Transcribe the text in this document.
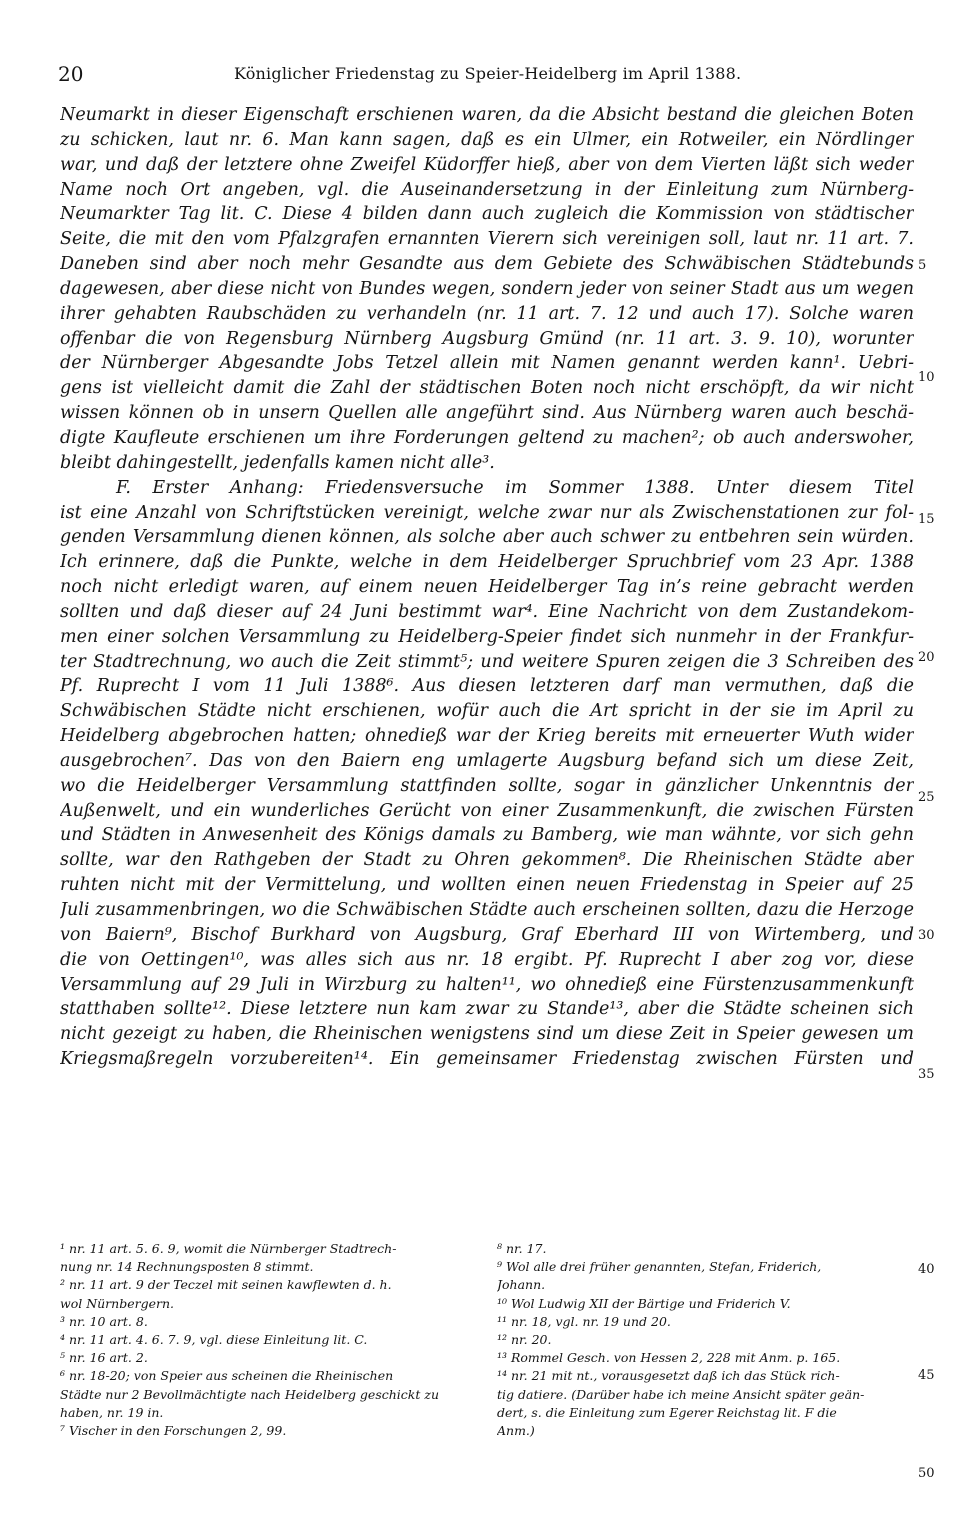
20	Königlicher Friedenstag zu Speier-Heidelberg im April 1388.
Neumarkt in dieser Eigenschaft erschienen waren, da die Absicht bestand die gleichen Boten
zu schicken, laut nr. 6. Man kann sagen, daß es ein Ulmer, ein Rotweiler, ein Nördlinger
war, und daß der letztere ohne Zweifel Küdorffer hieß, aber von dem Vierten läßt sich weder
Name noch Ort angeben, vgl. die Auseinandersetzung in der Einleitung zum Nürnberg-
Neumarkter Tag lit. C. Diese 4 bilden dann auch zugleich die Kommission von städtischer
Seite, die mit den vom Pfalzgrafen ernannten Vierern sich vereinigen soll, laut nr. 11 art. 7.
Daneben sind aber noch mehr Gesandte aus dem Gebiete des Schwäbischen Städtebunds
dagewesen, aber diese nicht von Bundes wegen, sondern jeder von seiner Stadt aus um wegen
ihrer gehabten Raubschäden zu verhandeln (nr. 11 art. 7. 12 und auch 17). Solche waren
offenbar die von Regensburg Nürnberg Augsburg Gmünd (nr. 11 art. 3. 9. 10), worunter
der Nürnberger Abgesandte Jobs Tetzel allein mit Namen genannt werden kann¹. Uebri-
gens ist vielleicht damit die Zahl der städtischen Boten noch nicht erschöpft, da wir nicht
wissen können ob in unsern Quellen alle angeführt sind. Aus Nürnberg waren auch beschä-
digte Kaufleute erschienen um ihre Forderungen geltend zu machen²; ob auch anderswoher,
bleibt dahingestellt, jedenfalls kamen nicht alle³.
F. Erster Anhang: Friedensversuche im Sommer 1388. Unter diesem Titel
ist eine Anzahl von Schriftstücken vereinigt, welche zwar nur als Zwischenstationen zur fol-
genden Versammlung dienen können, als solche aber auch schwer zu entbehren sein würden.
Ich erinnere, daß die Punkte, welche in dem Heidelberger Spruchbrief vom 23 Apr. 1388
noch nicht erledigt waren, auf einem neuen Heidelberger Tag in’s reine gebracht werden
sollten und daß dieser auf 24 Juni bestimmt war⁴. Eine Nachricht von dem Zustandekom-
men einer solchen Versammlung zu Heidelberg-Speier findet sich nunmehr in der Frankfur-
ter Stadtrechnung, wo auch die Zeit stimmt⁵; und weitere Spuren zeigen die 3 Schreiben des
Pf. Ruprecht I vom 11 Juli 1388⁶. Aus diesen letzteren darf man vermuthen, daß die
Schwäbischen Städte nicht erschienen, wofür auch die Art spricht in der sie im April zu
Heidelberg abgebrochen hatten; ohnedieß war der Krieg bereits mit erneuerter Wuth wider
ausgebrochen⁷. Das von den Baiern eng umlagerte Augsburg befand sich um diese Zeit,
wo die Heidelberger Versammlung stattfinden sollte, sogar in gänzlicher Unkenntnis der
Außenwelt, und ein wunderliches Gerücht von einer Zusammenkunft, die zwischen Fürsten
und Städten in Anwesenheit des Königs damals zu Bamberg, wie man wähnte, vor sich gehn
sollte, war den Rathgeben der Stadt zu Ohren gekommen⁸. Die Rheinischen Städte aber
ruhten nicht mit der Vermittelung, und wollten einen neuen Friedenstag in Speier auf 25
Juli zusammenbringen, wo die Schwäbischen Städte auch erscheinen sollten, dazu die Herzoge
von Baiern⁹, Bischof Burkhard von Augsburg, Graf Eberhard III von Wirtemberg, und
die von Oettingen¹⁰, was alles sich aus nr. 18 ergibt. Pf. Ruprecht I aber zog vor, diese
Versammlung auf 29 Juli in Wirzburg zu halten¹¹, wo ohnedieß eine Fürstenzusammenkunft
statthaben sollte¹². Diese letztere nun kam zwar zu Stande¹³, aber die Städte scheinen sich
nicht gezeigt zu haben, die Rheinischen wenigstens sind um diese Zeit in Speier gewesen um
Kriegsmaßregeln vorzubereiten¹⁴. Ein gemeinsamer Friedenstag zwischen Fürsten und
5
10
15
20
25
30
35
40
45
50
¹ nr. 11 art. 5. 6. 9, womit die Nürnberger Stadtrech-
nung nr. 14 Rechnungsposten 8 stimmt.
² nr. 11 art. 9 der Teczel mit seinen kawflewten d. h.
wol Nürnbergern.
³ nr. 10 art. 8.
⁴ nr. 11 art. 4. 6. 7. 9, vgl. diese Einleitung lit. C.
⁵ nr. 16 art. 2.
⁶ nr. 18-20; von Speier aus scheinen die Rheinischen
Städte nur 2 Bevollmächtigte nach Heidelberg geschickt zu
haben, nr. 19 in.
⁷ Vischer in den Forschungen 2, 99.
⁸ nr. 17.
⁹ Wol alle drei früher genannten, Stefan, Friderich,
Johann.
¹⁰ Wol Ludwig XII der Bärtige und Friderich V.
¹¹ nr. 18, vgl. nr. 19 und 20.
¹² nr. 20.
¹³ Rommel Gesch. von Hessen 2, 228 mit Anm. p. 165.
¹⁴ nr. 21 mit nt., vorausgesetzt daß ich das Stück rich-
tig datiere. (Darüber habe ich meine Ansicht später geän-
dert, s. die Einleitung zum Egerer Reichstag lit. F die
Anm.)
